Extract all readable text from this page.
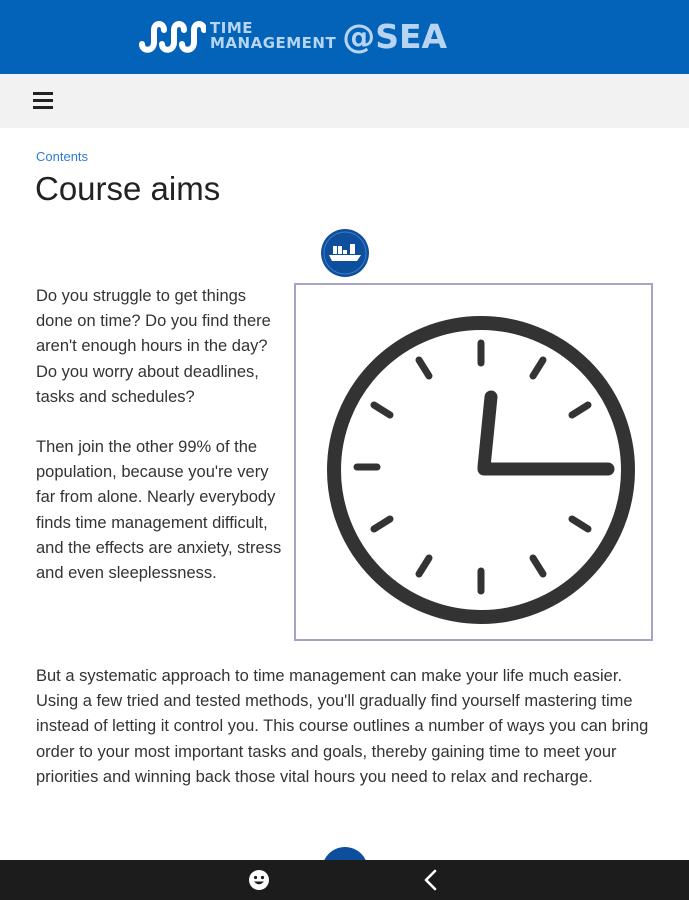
TIME
MANAGEMENT @SEA
Contents
Course aims

Do you struggle to get things done on time? Do you find there aren't enough hours in the day? Do you worry about deadlines, tasks and schedules?

Then join the other 99% of the population, because you're very far from alone. Nearly everybody finds time management difficult, and the effects are anxiety, stress and even sleeplessness.

But a systematic approach to time management can make your life much easier. Using a few tried and tested methods, you'll gradually find yourself mastering time instead of letting it control you. This course outlines a number of ways you can bring order to your most important tasks and goals, thereby gaining time to meet your priorities and winning back those vital hours you need to relax and recharge.
